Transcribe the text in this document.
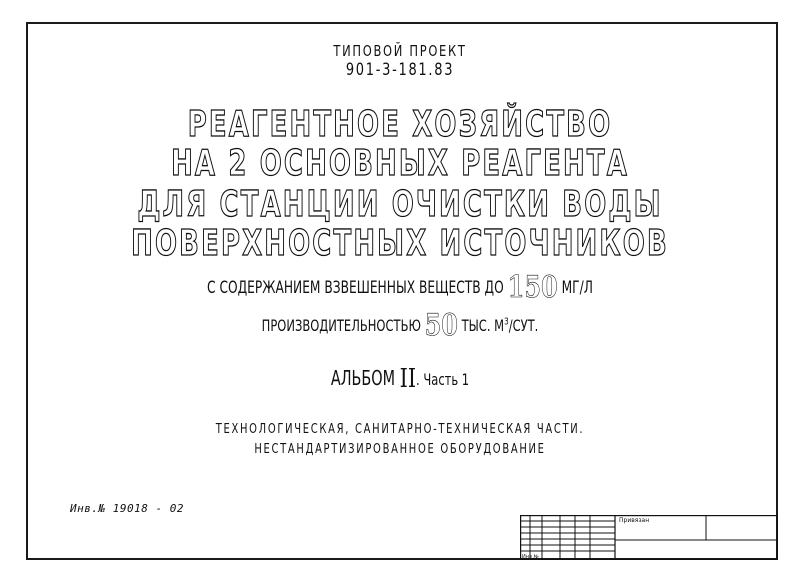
ТИПОВОЙ ПРОЕКТ
901-3-181.83
РЕАГЕНТНОЕ ХОЗЯЙСТВО
НА 2 ОСНОВНЫХ РЕАГЕНТА
ДЛЯ СТАНЦИИ ОЧИСТКИ ВОДЫ
ПОВЕРХНОСТНЫХ ИСТОЧНИКОВ
С СОДЕРЖАНИЕМ ВЗВЕШЕННЫХ ВЕЩЕСТВ ДО 150 МГ/Л
ПРОИЗВОДИТЕЛЬНОСТЬЮ 50 ТЫС. $М^3$/СУТ.
АЛЬБОМ II. Часть 1
ТЕХНОЛОГИЧЕСКАЯ, САНИТАРНО-ТЕХНИЧЕСКАЯ ЧАСТИ.
НЕСТАНДАРТИЗИРОВАННОЕ ОБОРУДОВАНИЕ
Инв.№ 19018 - 02
Привязан
Инв №
